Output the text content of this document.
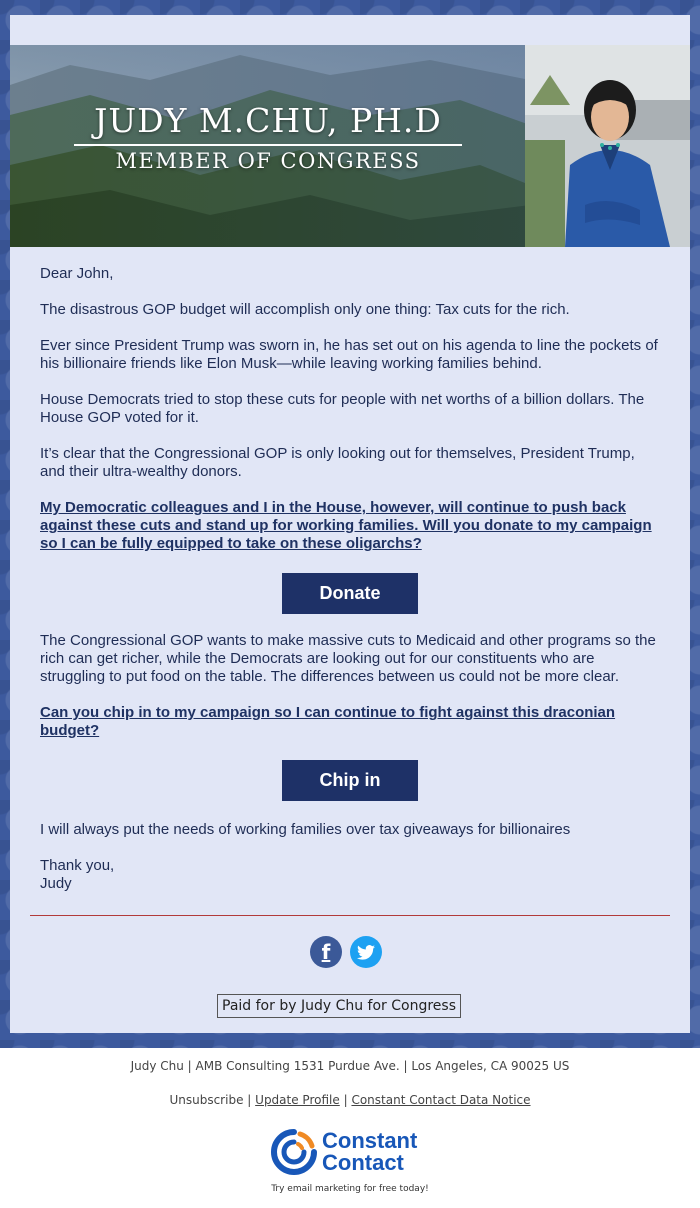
JUDY M.CHU, PH.D
MEMBER OF CONGRESS

Dear John,

The disastrous GOP budget will accomplish only one thing: Tax cuts for the rich.

Ever since President Trump was sworn in, he has set out on his agenda to line the pockets of his billionaire friends like Elon Musk—while leaving working families behind.

House Democrats tried to stop these cuts for people with net worths of a billion dollars. The House GOP voted for it.

It’s clear that the Congressional GOP is only looking out for themselves, President Trump, and their ultra-wealthy donors.

My Democratic colleagues and I in the House, however, will continue to push back against these cuts and stand up for working families. Will you donate to my campaign so I can be fully equipped to take on these oligarchs?

Donate

The Congressional GOP wants to make massive cuts to Medicaid and other programs so the rich can get richer, while the Democrats are looking out for our constituents who are struggling to put food on the table. The differences between us could not be more clear.

Can you chip in to my campaign so I can continue to fight against this draconian budget?

Chip in

I will always put the needs of working families over tax giveaways for billionaires

Thank you,

Judy

f
Paid for by Judy Chu for Congress
Judy Chu | AMB Consulting 1531 Purdue Ave. | Los Angeles, CA 90025 US
Unsubscribe | Update Profile | Constant Contact Data Notice
Constant
Contact
Try email marketing for free today!
